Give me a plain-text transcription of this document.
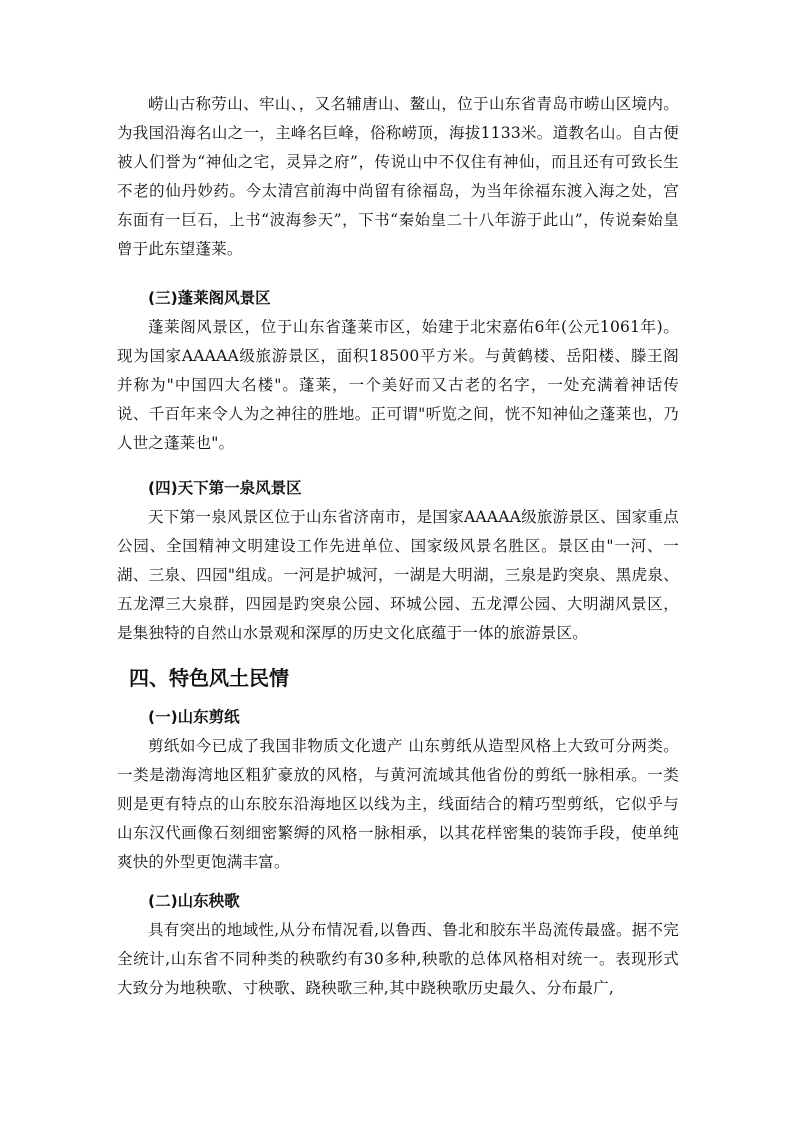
崂山古称劳山、牢山、，又名辅唐山、鳌山，位于山东省青岛市崂山区境内。为我国沿海名山之一，主峰名巨峰，俗称崂顶，海拔1133米。道教名山。自古便被人们誉为“神仙之宅，灵异之府”，传说山中不仅住有神仙，而且还有可致长生不老的仙丹妙药。今太清宫前海中尚留有徐福岛，为当年徐福东渡入海之处，宫东面有一巨石，上书“波海参天”，下书“秦始皇二十八年游于此山”，传说秦始皇曾于此东望蓬莱。

(三)蓬莱阁风景区

蓬莱阁风景区，位于山东省蓬莱市区，始建于北宋嘉佑6年(公元1061年)。现为国家AAAAA级旅游景区，面积18500平方米。与黄鹤楼、岳阳楼、滕王阁并称为"中国四大名楼"。蓬莱，一个美好而又古老的名字，一处充满着神话传说、千百年来令人为之神往的胜地。正可谓"听览之间，恍不知神仙之蓬莱也，乃人世之蓬莱也"。

(四)天下第一泉风景区

天下第一泉风景区位于山东省济南市，是国家AAAAA级旅游景区、国家重点公园、全国精神文明建设工作先进单位、国家级风景名胜区。景区由"一河、一湖、三泉、四园"组成。一河是护城河，一湖是大明湖，三泉是趵突泉、黑虎泉、五龙潭三大泉群，四园是趵突泉公园、环城公园、五龙潭公园、大明湖风景区，是集独特的自然山水景观和深厚的历史文化底蕴于一体的旅游景区。

四、特色风土民情

(一)山东剪纸

剪纸如今已成了我国非物质文化遗产 山东剪纸从造型风格上大致可分两类。一类是渤海湾地区粗犷豪放的风格，与黄河流域其他省份的剪纸一脉相承。一类则是更有特点的山东胶东沿海地区以线为主，线面结合的精巧型剪纸，它似乎与山东汉代画像石刻细密繁缛的风格一脉相承，以其花样密集的装饰手段，使单纯爽快的外型更饱满丰富。

(二)山东秧歌

具有突出的地域性,从分布情况看,以鲁西、鲁北和胶东半岛流传最盛。据不完全统计,山东省不同种类的秧歌约有30多种,秧歌的总体风格相对统一。表现形式大致分为地秧歌、寸秧歌、跷秧歌三种,其中跷秧歌历史最久、分布最广,
